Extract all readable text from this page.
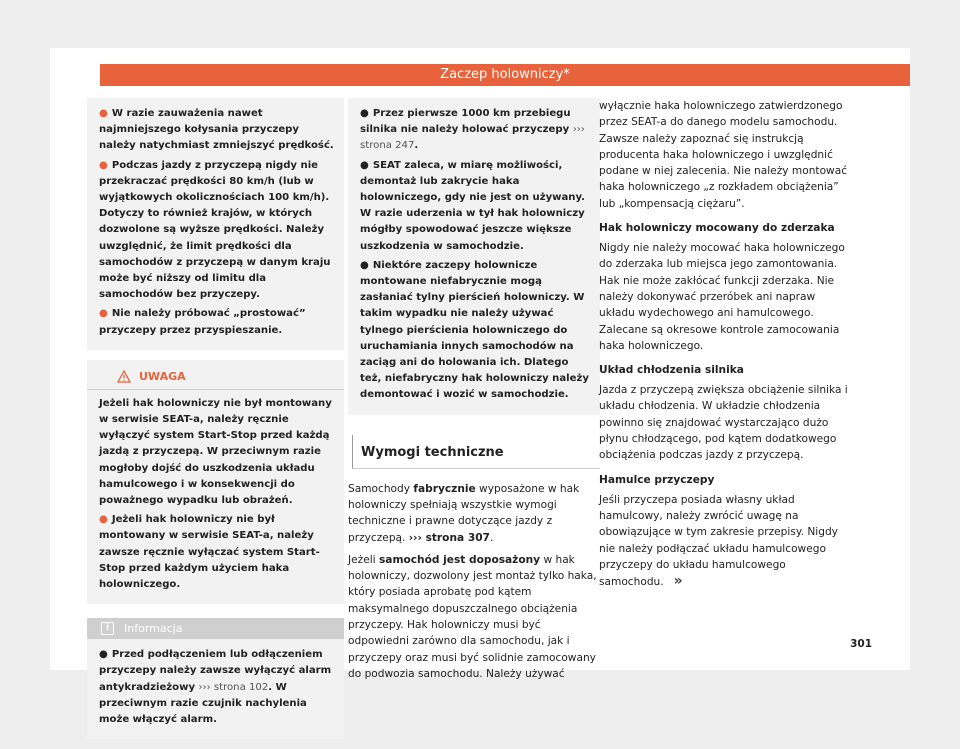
Zaczep holowniczy*

● W razie zauważenia nawet najmniejszego kołysania przyczepy należy natychmiast zmniejszyć prędkość.

● Podczas jazdy z przyczepą nigdy nie przekraczać prędkości 80 km/h (lub w wyjątkowych okolicznościach 100 km/h). Dotyczy to również krajów, w których dozwolone są wyższe prędkości. Należy uwzględnić, że limit prędkości dla samochodów z przyczepą w danym kraju może być niższy od limitu dla samochodów bez przyczepy.

● Nie należy próbować „prostować” przyczepy przez przyspieszanie.

UWAGA

Jeżeli hak holowniczy nie był montowany w serwisie SEAT-a, należy ręcznie wyłączyć system Start-Stop przed każdą jazdą z przyczepą. W przeciwnym razie mogłoby dojść do uszkodzenia układu hamulcowego i w konsekwencji do poważnego wypadku lub obrażeń.

● Jeżeli hak holowniczy nie był montowany w serwisie SEAT-a, należy zawsze ręcznie wyłączać system Start-Stop przed każdym użyciem haka holowniczego.

i	Informacja

● Przed podłączeniem lub odłączeniem przyczepy należy zawsze wyłączyć alarm antykradzieżowy ››› strona 102. W przeciwnym razie czujnik nachylenia może włączyć alarm.

● Przez pierwsze 1000 km przebiegu silnika nie należy holować przyczepy ››› strona 247.

● SEAT zaleca, w miarę możliwości, demontaż lub zakrycie haka holowniczego, gdy nie jest on używany. W razie uderzenia w tył hak holowniczy mógłby spowodować jeszcze większe uszkodzenia w samochodzie.

● Niektóre zaczepy holownicze montowane niefabrycznie mogą zasłaniać tylny pierścień holowniczy. W takim wypadku nie należy używać tylnego pierścienia holowniczego do uruchamiania innych samochodów na zaciąg ani do holowania ich. Dlatego też, niefabryczny hak holowniczy należy demontować i wozić w samochodzie.

Wymogi techniczne

Samochody fabrycznie wyposażone w hak holowniczy spełniają wszystkie wymogi techniczne i prawne dotyczące jazdy z przyczepą. ››› strona 307.

Jeżeli samochód jest doposażony w hak holowniczy, dozwolony jest montaż tylko haka, który posiada aprobatę pod kątem maksymalnego dopuszczalnego obciążenia przyczepy. Hak holowniczy musi być odpowiedni zarówno dla samochodu, jak i przyczepy oraz musi być solidnie zamocowany do podwozia samochodu. Należy używać

wyłącznie haka holowniczego zatwierdzonego przez SEAT-a do danego modelu samochodu. Zawsze należy zapoznać się instrukcją producenta haka holowniczego i uwzględnić podane w niej zalecenia. Nie należy montować haka holowniczego „z rozkładem obciążenia” lub „kompensacją ciężaru”.

Hak holowniczy mocowany do zderzaka

Nigdy nie należy mocować haka holowniczego do zderzaka lub miejsca jego zamontowania. Hak nie może zakłócać funkcji zderzaka. Nie należy dokonywać przeróbek ani napraw układu wydechowego ani hamulcowego. Zalecane są okresowe kontrole zamocowania haka holowniczego.

Układ chłodzenia silnika

Jazda z przyczepą zwiększa obciążenie silnika i układu chłodzenia. W układzie chłodzenia powinno się znajdować wystarczająco dużo płynu chłodzącego, pod kątem dodatkowego obciążenia podczas jazdy z przyczepą.

Hamulce przyczepy

Jeśli przyczepa posiada własny układ hamulcowy, należy zwrócić uwagę na obowiązujące w tym zakresie przepisy. Nigdy nie należy podłączać układu hamulcowego przyczepy do układu hamulcowego samochodu. »

301
